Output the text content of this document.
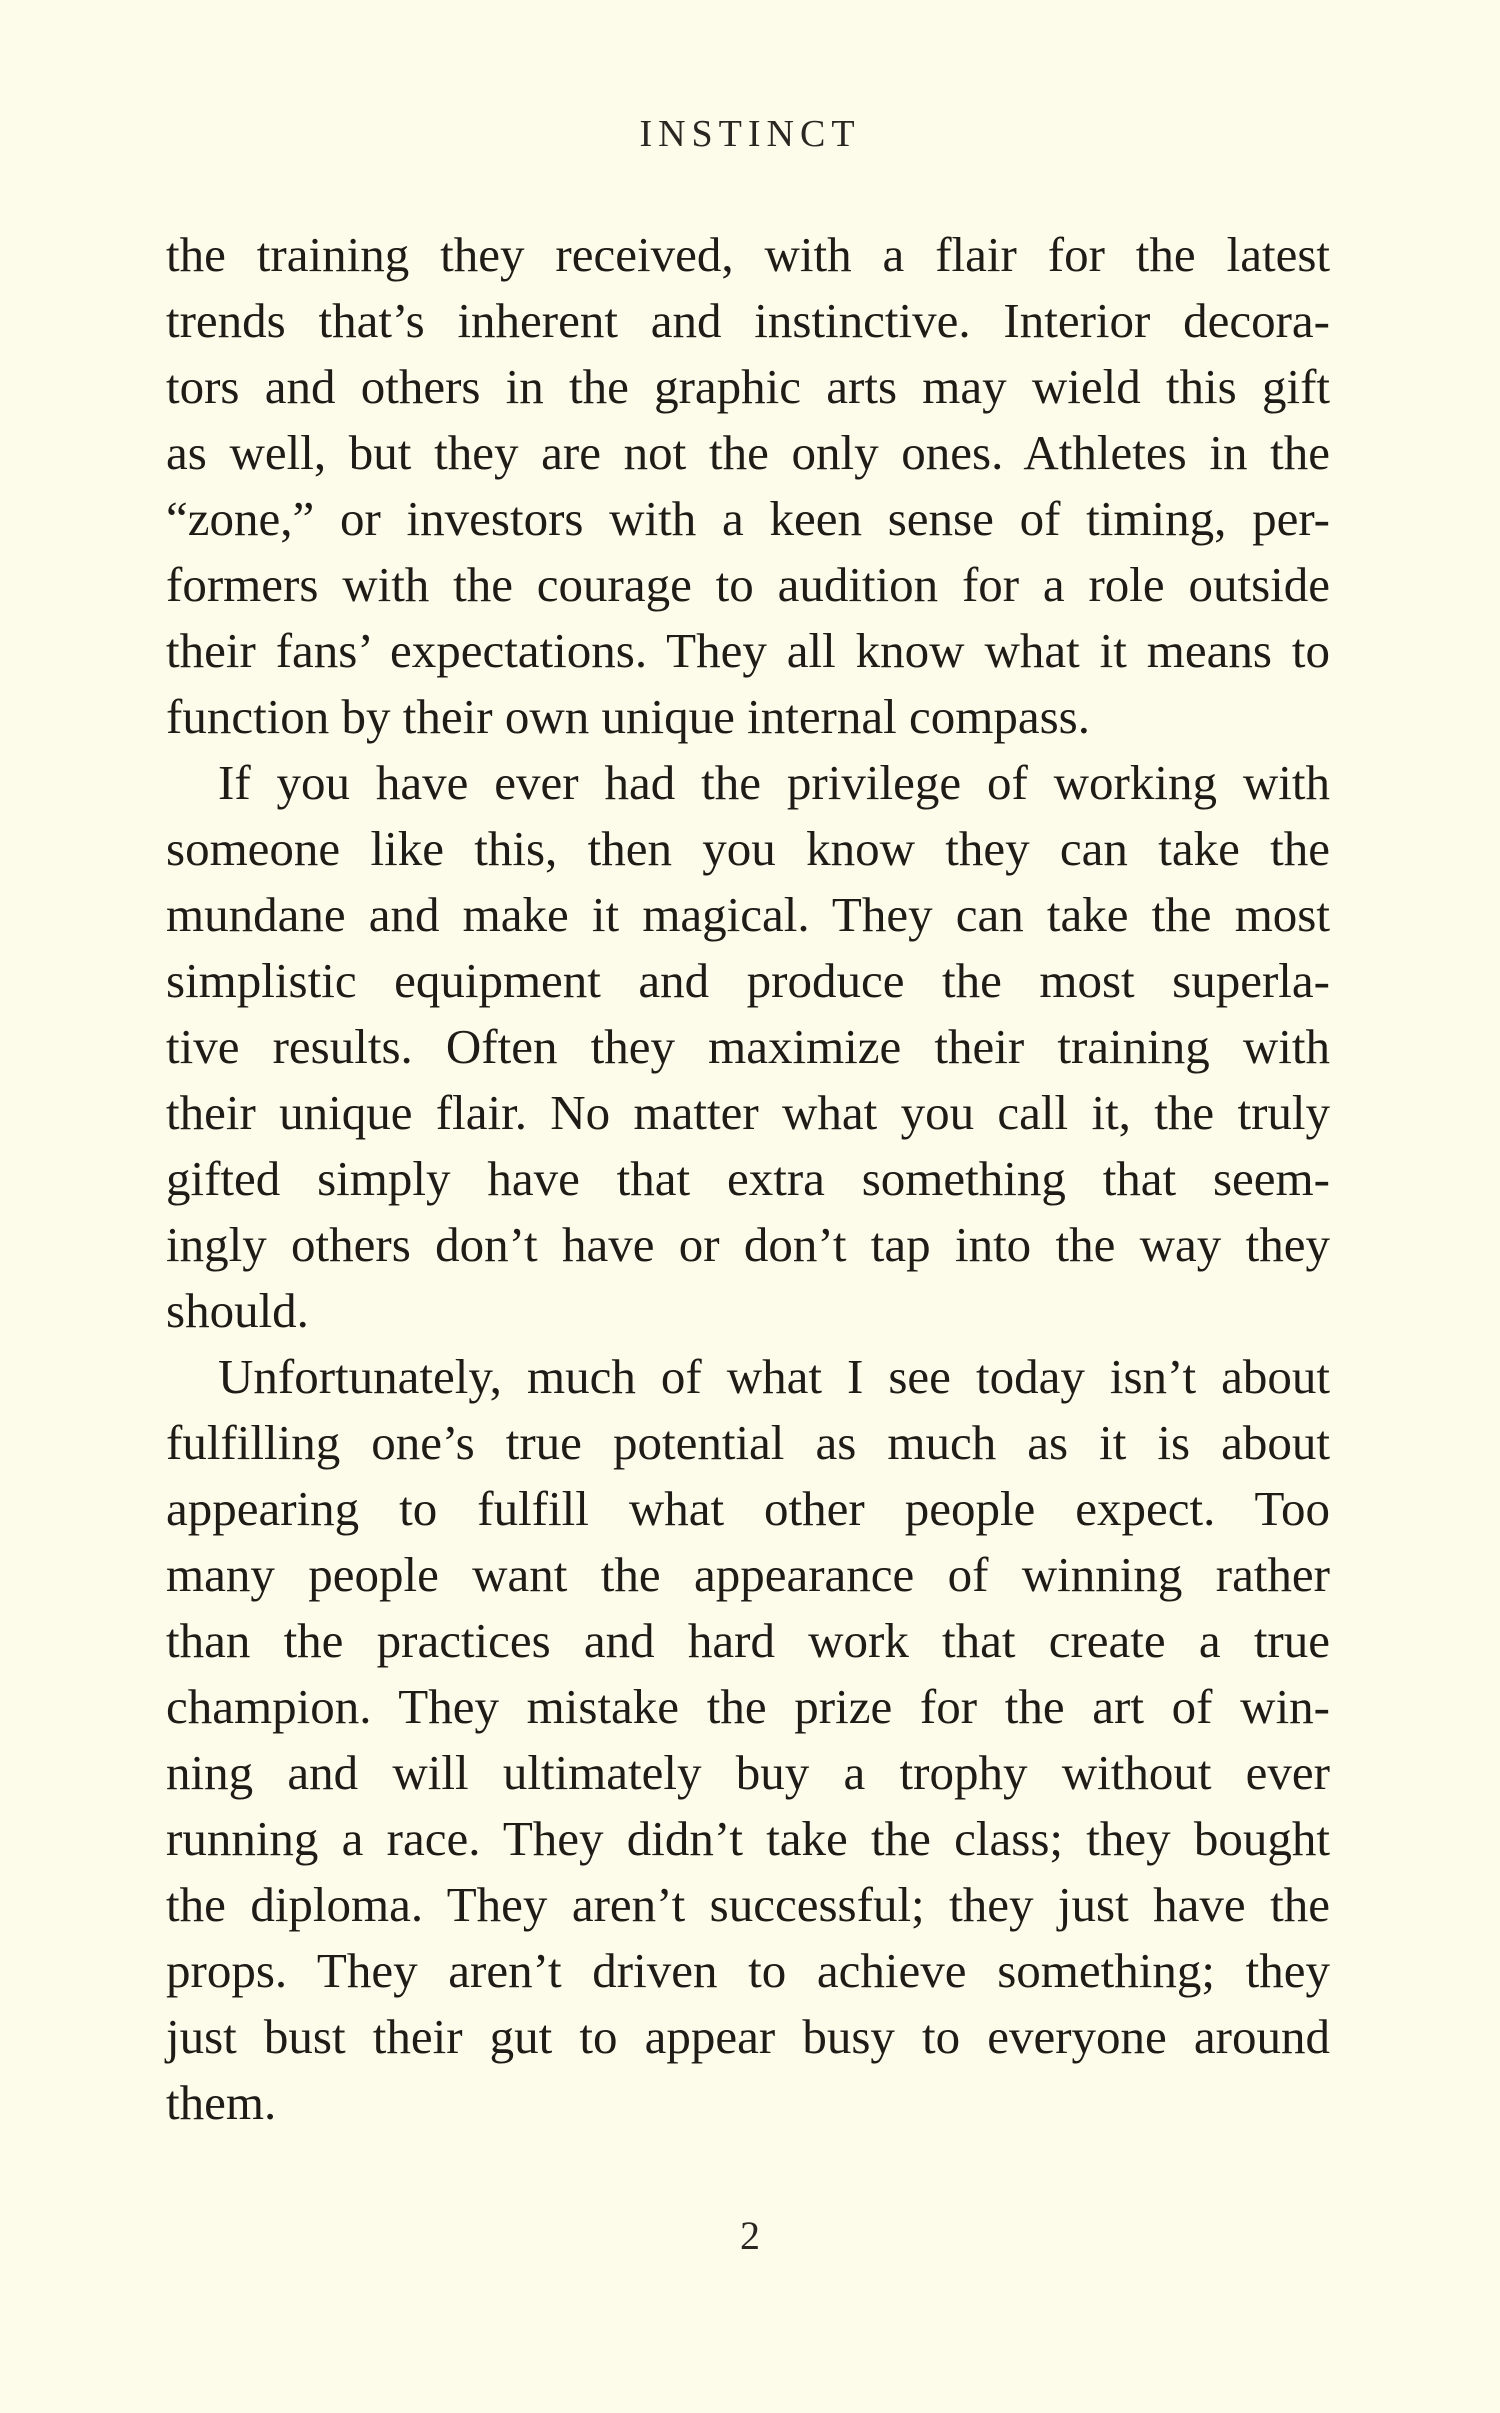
INSTINCT
the training they received, with a flair for the latest
trends that’s inherent and instinctive. Interior decora-
tors and others in the graphic arts may wield this gift
as well, but they are not the only ones. Athletes in the
“zone,” or investors with a keen sense of timing, per-
formers with the courage to audition for a role outside
their fans’ expectations. They all know what it means to
function by their own unique internal compass.
If you have ever had the privilege of working with
someone like this, then you know they can take the
mundane and make it magical. They can take the most
simplistic equipment and produce the most superla-
tive results. Often they maximize their training with
their unique flair. No matter what you call it, the truly
gifted simply have that extra something that seem-
ingly others don’t have or don’t tap into the way they
should.
Unfortunately, much of what I see today isn’t about
fulfilling one’s true potential as much as it is about
appearing to fulfill what other people expect. Too
many people want the appearance of winning rather
than the practices and hard work that create a true
champion. They mistake the prize for the art of win-
ning and will ultimately buy a trophy without ever
running a race. They didn’t take the class; they bought
the diploma. They aren’t successful; they just have the
props. They aren’t driven to achieve something; they
just bust their gut to appear busy to everyone around
them.
2
